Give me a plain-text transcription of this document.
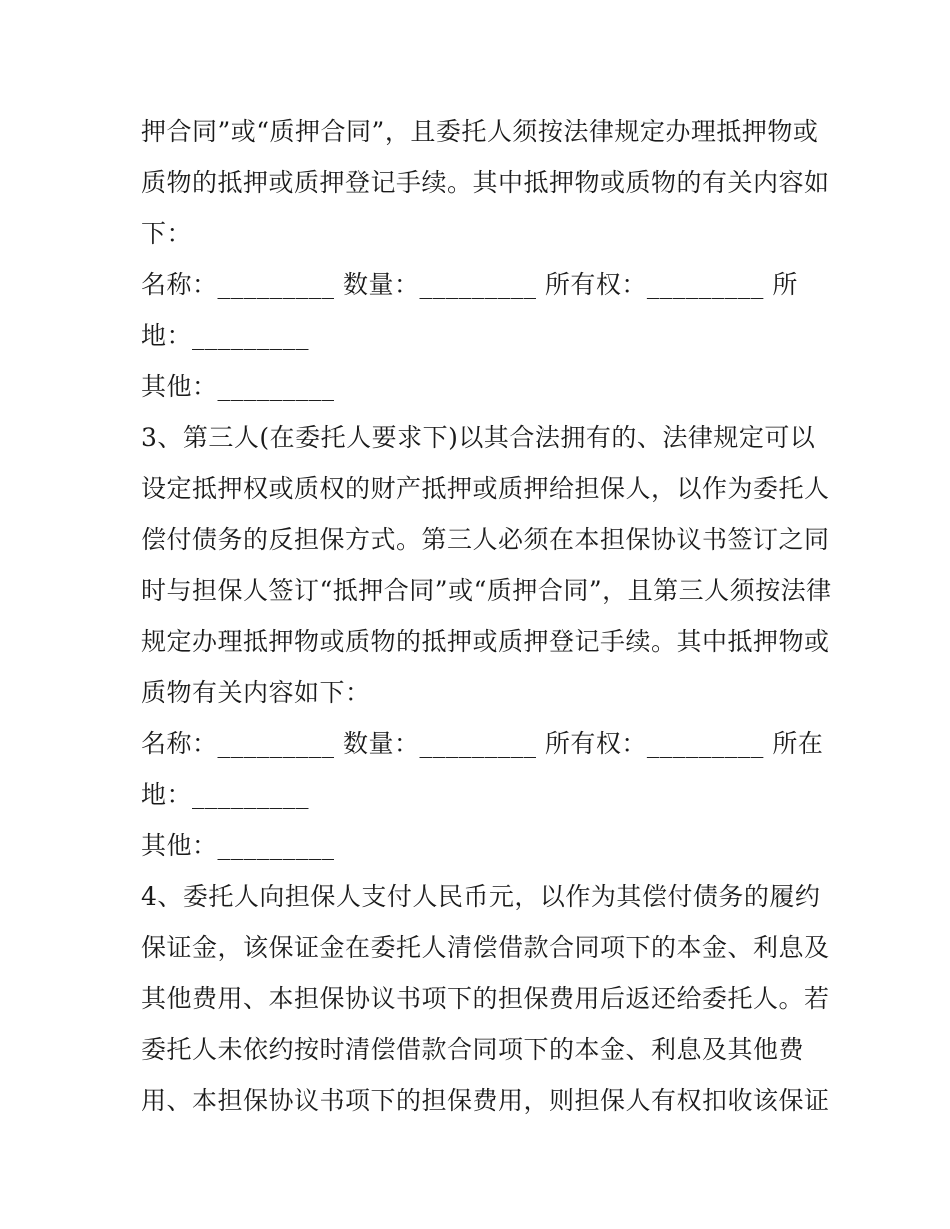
押合同”或“质押合同”，且委托人须按法律规定办理抵押物或
质物的抵押或质押登记手续。其中抵押物或质物的有关内容如
下：
名称：_________ 数量：_________ 所有权：_________ 所
地：_________
其他：_________
3、第三人(在委托人要求下)以其合法拥有的、法律规定可以
设定抵押权或质权的财产抵押或质押给担保人，以作为委托人
偿付债务的反担保方式。第三人必须在本担保协议书签订之同
时与担保人签订“抵押合同”或“质押合同”，且第三人须按法律
规定办理抵押物或质物的抵押或质押登记手续。其中抵押物或
质物有关内容如下：
名称：_________ 数量：_________ 所有权：_________ 所在
地：_________
其他：_________
4、委托人向担保人支付人民币元，以作为其偿付债务的履约
保证金，该保证金在委托人清偿借款合同项下的本金、利息及
其他费用、本担保协议书项下的担保费用后返还给委托人。若
委托人未依约按时清偿借款合同项下的本金、利息及其他费
用、本担保协议书项下的担保费用，则担保人有权扣收该保证
